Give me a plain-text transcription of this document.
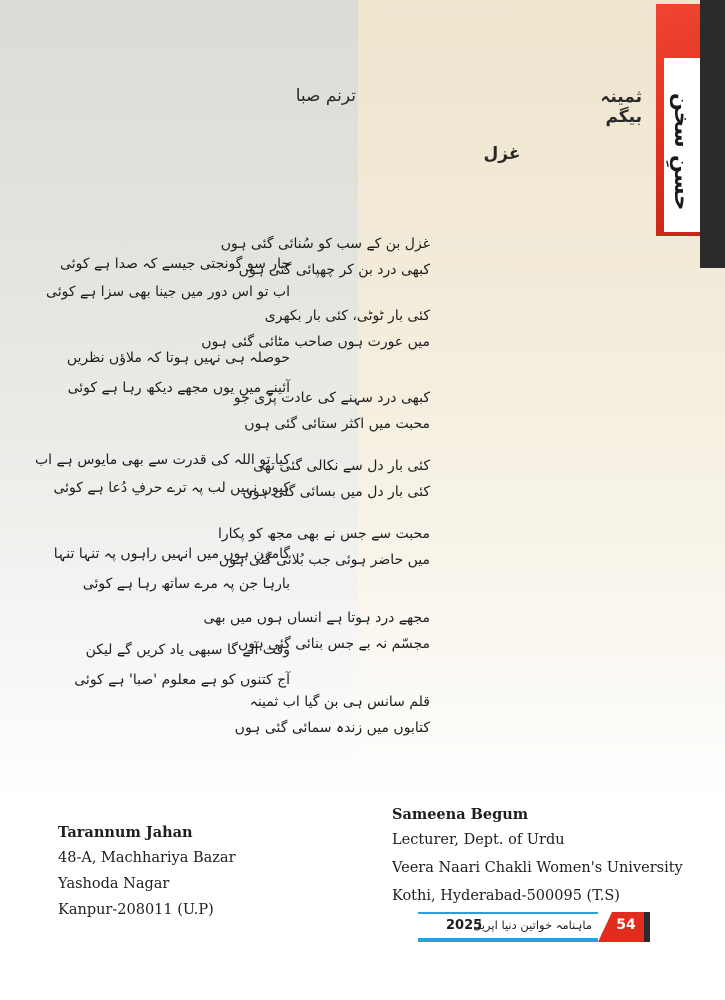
حسنِ سخن
ثمینہ بیگم
غزل
ترنم صبا
غزل بن کے سب کو سُنائی گئی ہوں
کبھی درد بن کر چھپائی گئی ہوں
کئی بار ٹوٹی، کئی بار بکھری
میں عورت ہوں صاحب مٹائی گئی ہوں
کبھی درد سہنے کی عادت پڑی جو
محبت میں اکثر ستائی گئی ہوں
کئی بار دل سے نکالی گئی تھی
کئی بار دل میں بسائی گئی ہوں
محبت سے جس نے بھی مجھ کو پکارا
میں حاضر ہوئی جب بُلائی گئی ہوں
مجھے درد ہوتا ہے انساں ہوں میں بھی
مجسّم نہ بے جس بنائی گئی ہوں
قلم سانس ہی بن گیا اب ثمینہ
کتابوں میں زندہ سمائی گئی ہوں
چار سو گونجتی جیسے کہ صدا ہے کوئی
اب تو اس دور میں جینا بھی سزا ہے کوئی
حوصلہ ہی نہیں ہوتا کہ ملاؤں نظریں
آئینے میں یوں مجھے دیکھ رہا ہے کوئی
کیا تو اللہ کی قدرت سے بھی مایوس ہے اب
کیوں نہیں لب پہ ترے حرفِ دُعا ہے کوئی
گامزن ہوں میں انہیں راہوں پہ تنہا تنہا
بارہا جن پہ مرے ساتھ رہا ہے کوئی
وقت آئے گا سبھی یاد کریں گے لیکن
آج کتنوں کو ہے معلوم 'صبا' ہے کوئی
Tarannum Jahan
48-A, Machhariya Bazar
Yashoda Nagar
Kanpur-208011 (U.P)
Sameena Begum
Lecturer, Dept. of Urdu
Veera Naari Chakli Women's University
Kothi, Hyderabad-500095 (T.S)
54
ماہنامہ خواتین دنیا اپریل
2025
